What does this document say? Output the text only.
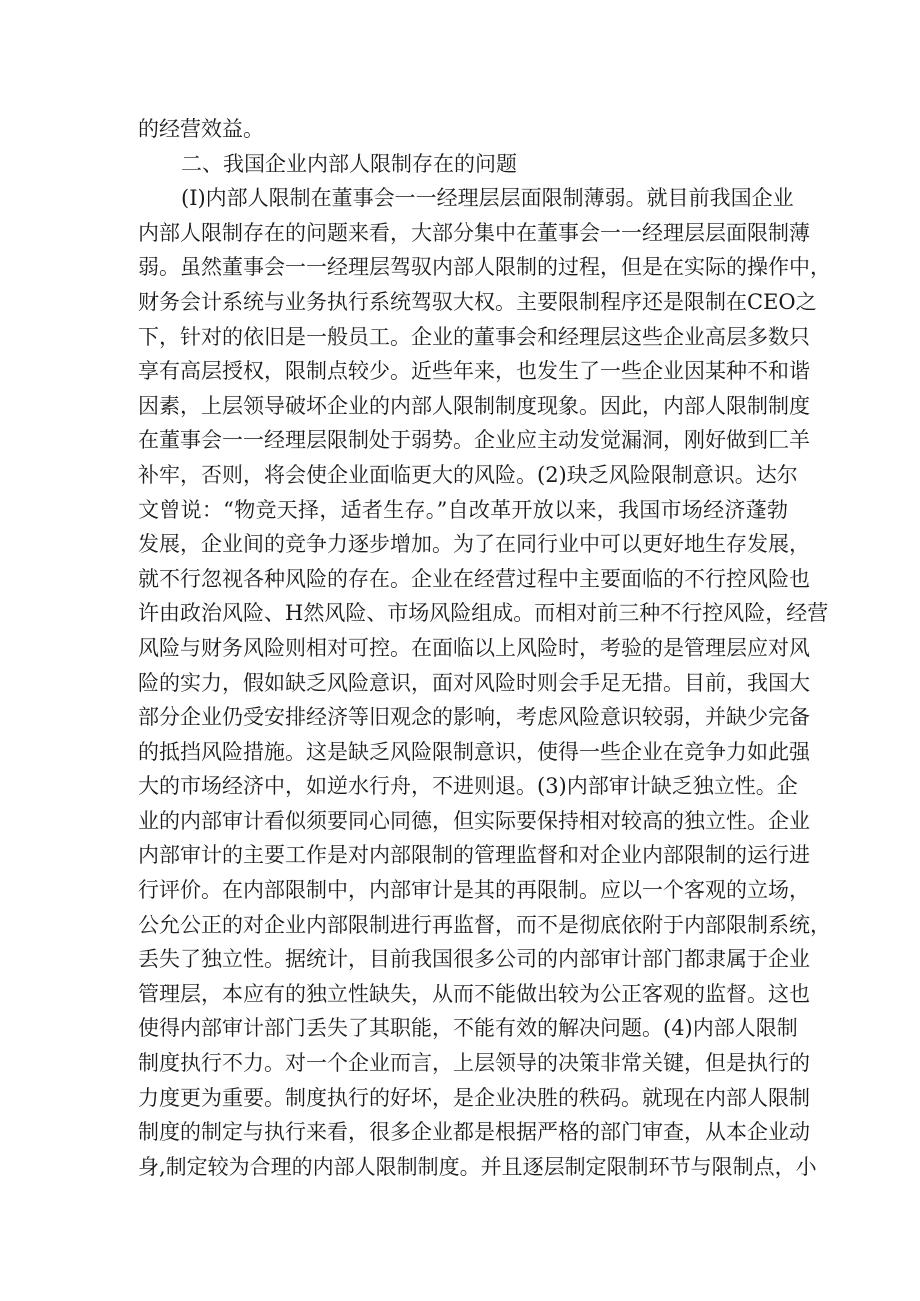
的经营效益。
二、我国企业内部人限制存在的问题
(I)内部人限制在董事会一一经理层层面限制薄弱。就目前我国企业
内部人限制存在的问题来看，大部分集中在董事会一一经理层层面限制薄
弱。虽然董事会一一经理层驾驭内部人限制的过程，但是在实际的操作中，
财务会计系统与业务执行系统驾驭大权。主要限制程序还是限制在CEO之
下，针对的依旧是一般员工。企业的董事会和经理层这些企业高层多数只
享有高层授权，限制点较少。近些年来，也发生了一些企业因某种不和谐
因素，上层领导破坏企业的内部人限制制度现象。因此，内部人限制制度
在董事会一一经理层限制处于弱势。企业应主动发觉漏洞，刚好做到匚羊
补牢，否则，将会使企业面临更大的风险。(2)玦乏风险限制意识。达尔
文曾说：“物竞天择，适者生存。”自改革开放以来，我国市场经济蓬勃
发展，企业间的竞争力逐步增加。为了在同行业中可以更好地生存发展，
就不行忽视各种风险的存在。企业在经营过程中主要面临的不行控风险也
许由政治风险、H然风险、市场风险组成。而相对前三种不行控风险，经营
风险与财务风险则相对可控。在面临以上风险时，考验的是管理层应对风
险的实力，假如缺乏风险意识，面对风险时则会手足无措。目前，我国大
部分企业仍受安排经济等旧观念的影响，考虑风险意识较弱，并缺少完备
的抵挡风险措施。这是缺乏风险限制意识，使得一些企业在竞争力如此强
大的市场经济中，如逆水行舟，不进则退。(3)内部审计缺乏独立性。企
业的内部审计看似须要同心同德，但实际要保持相对较高的独立性。企业
内部审计的主要工作是对内部限制的管理监督和对企业内部限制的运行进
行评价。在内部限制中，内部审计是其的再限制。应以一个客观的立场，
公允公正的对企业内部限制进行再监督，而不是彻底依附于内部限制系统，
丢失了独立性。据统计，目前我国很多公司的内部审计部门都隶属于企业
管理层，本应有的独立性缺失，从而不能做出较为公正客观的监督。这也
使得内部审计部门丢失了其职能，不能有效的解决问题。(4)内部人限制
制度执行不力。对一个企业而言，上层领导的决策非常关键，但是执行的
力度更为重要。制度执行的好坏，是企业决胜的秩码。就现在内部人限制
制度的制定与执行来看，很多企业都是根据严格的部门审查，从本企业动
身,制定较为合理的内部人限制制度。并且逐层制定限制环节与限制点，小
